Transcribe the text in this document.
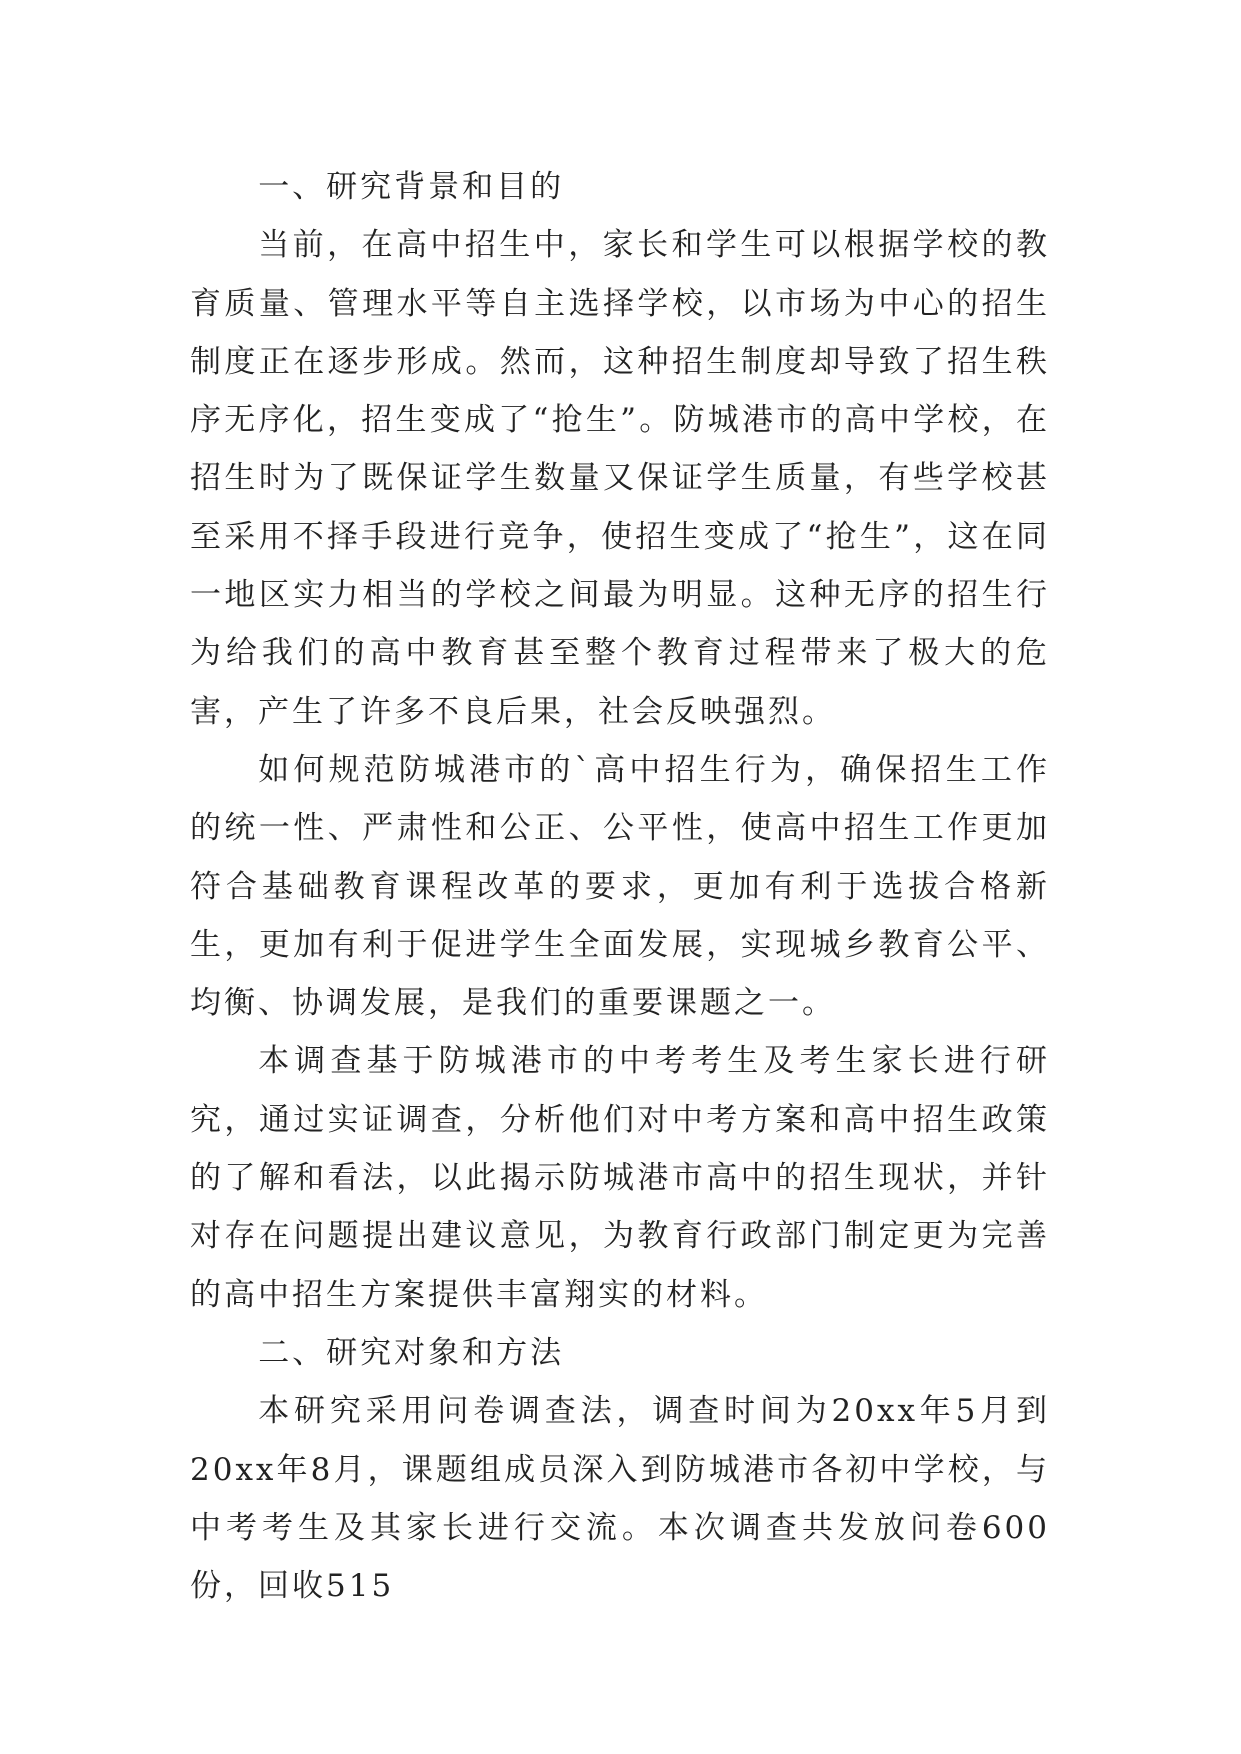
一、研究背景和目的

当前，在高中招生中，家长和学生可以根据学校的教育质量、管理水平等自主选择学校，以市场为中心的招生制度正在逐步形成。然而，这种招生制度却导致了招生秩序无序化，招生变成了“抢生”。防城港市的高中学校，在招生时为了既保证学生数量又保证学生质量，有些学校甚至采用不择手段进行竞争，使招生变成了“抢生”，这在同一地区实力相当的学校之间最为明显。这种无序的招生行为给我们的高中教育甚至整个教育过程带来了极大的危害，产生了许多不良后果，社会反映强烈。

如何规范防城港市的`高中招生行为，确保招生工作的统一性、严肃性和公正、公平性，使高中招生工作更加符合基础教育课程改革的要求，更加有利于选拔合格新生，更加有利于促进学生全面发展，实现城乡教育公平、均衡、协调发展，是我们的重要课题之一。

本调查基于防城港市的中考考生及考生家长进行研究，通过实证调查，分析他们对中考方案和高中招生政策的了解和看法，以此揭示防城港市高中的招生现状，并针对存在问题提出建议意见，为教育行政部门制定更为完善的高中招生方案提供丰富翔实的材料。

二、研究对象和方法

本研究采用问卷调查法，调查时间为20xx年5月到20xx年8月，课题组成员深入到防城港市各初中学校，与中考考生及其家长进行交流。本次调查共发放问卷600份，回收515
